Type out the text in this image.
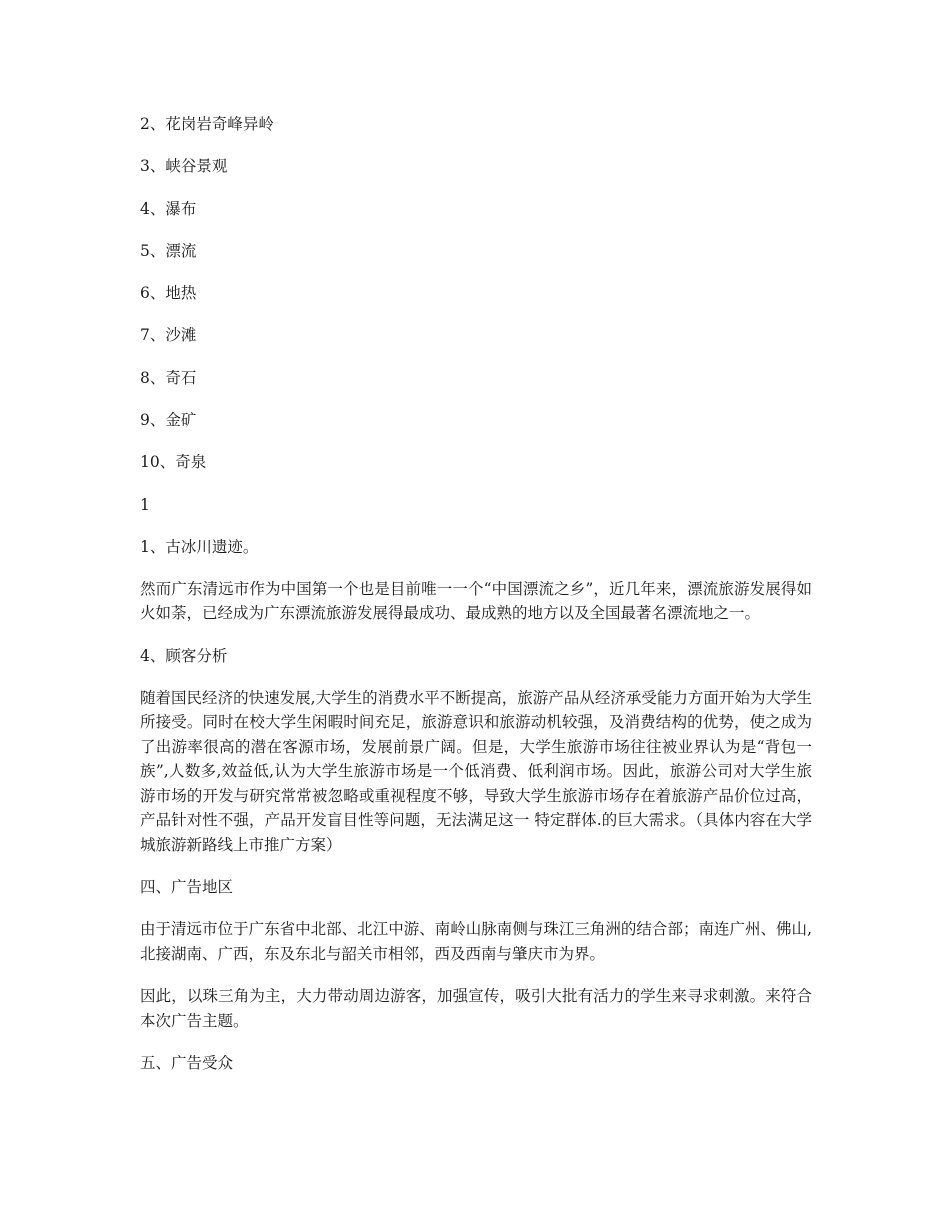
2、花岗岩奇峰异岭

3、峡谷景观

4、瀑布

5、漂流

6、地热

7、沙滩

8、奇石

9、金矿

10、奇泉

1

1、古冰川遗迹。

然而广东清远市作为中国第一个也是目前唯一一个“中国漂流之乡”，近几年来，漂流旅游发展得如火如荼，已经成为广东漂流旅游发展得最成功、最成熟的地方以及全国最著名漂流地之一。

4、顾客分析

随着国民经济的快速发展,大学生的消费水平不断提高，旅游产品从经济承受能力方面开始为大学生所接受。同时在校大学生闲暇时间充足，旅游意识和旅游动机较强，及消费结构的优势，使之成为了出游率很高的潜在客源市场，发展前景广阔。但是，大学生旅游市场往往被业界认为是“背包一族”,人数多,效益低,认为大学生旅游市场是一个低消费、低利润市场。因此，旅游公司对大学生旅游市场的开发与研究常常被忽略或重视程度不够，导致大学生旅游市场存在着旅游产品价位过高，产品针对性不强，产品开发盲目性等问题，无法满足这一 特定群体.的巨大需求。（具体内容在大学城旅游新路线上市推广方案）

四、广告地区

由于清远市位于广东省中北部、北江中游、南岭山脉南侧与珠江三角洲的结合部；南连广州、佛山,北接湖南、广西，东及东北与韶关市相邻，西及西南与肇庆市为界。

因此，以珠三角为主，大力带动周边游客，加强宣传，吸引大批有活力的学生来寻求刺激。来符合本次广告主题。

五、广告受众
